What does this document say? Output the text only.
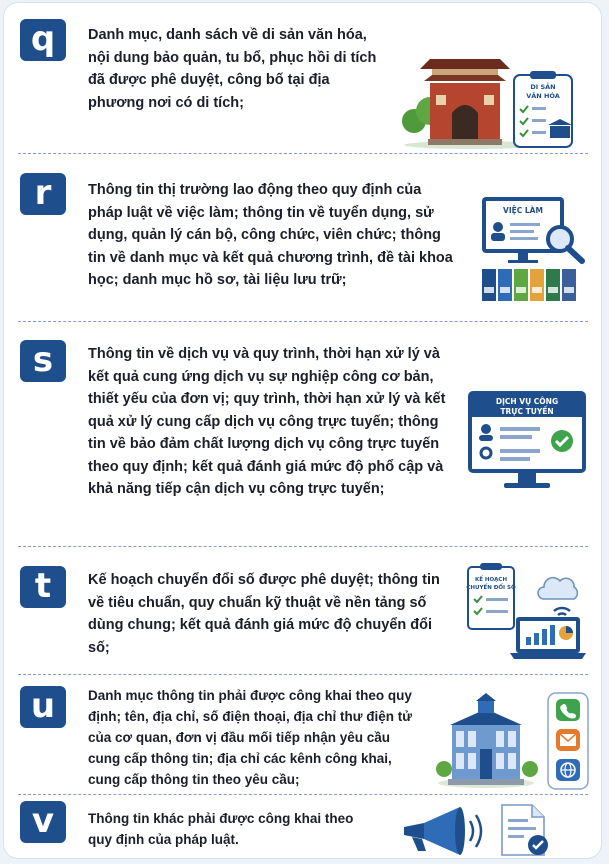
q	Danh mục, danh sách về di sản văn hóa, nội dung bảo quản, tu bổ, phục hồi di tích đã được phê duyệt, công bố tại địa phương nơi có di tích;

DI SẢN
VĂN HÓA
r	Thông tin thị trường lao động theo quy định của pháp luật về việc làm; thông tin về tuyển dụng, sử dụng, quản lý cán bộ, công chức, viên chức; thông tin về danh mục và kết quả chương trình, đề tài khoa học; danh mục hồ sơ, tài liệu lưu trữ;

VIỆC LÀM
s	Thông tin về dịch vụ và quy trình, thời hạn xử lý và kết quả cung ứng dịch vụ sự nghiệp công cơ bản, thiết yếu của đơn vị; quy trình, thời hạn xử lý và kết quả xử lý cung cấp dịch vụ công trực tuyến; thông tin về bảo đảm chất lượng dịch vụ công trực tuyến theo quy định; kết quả đánh giá mức độ phổ cập và khả năng tiếp cận dịch vụ công trực tuyến;

DỊCH VỤ CÔNG
TRỰC TUYẾN
t	Kế hoạch chuyển đổi số được phê duyệt; thông tin về tiêu chuẩn, quy chuẩn kỹ thuật về nền tảng số dùng chung; kết quả đánh giá mức độ chuyển đổi số;

KẾ HOẠCH
CHUYỂN ĐỔI SỐ
u	Danh mục thông tin phải được công khai theo quy định; tên, địa chỉ, số điện thoại, địa chỉ thư điện tử của cơ quan, đơn vị đầu mối tiếp nhận yêu cầu cung cấp thông tin; địa chỉ các kênh công khai, cung cấp thông tin theo yêu cầu;

v	Thông tin khác phải được công khai theo quy định của pháp luật.
